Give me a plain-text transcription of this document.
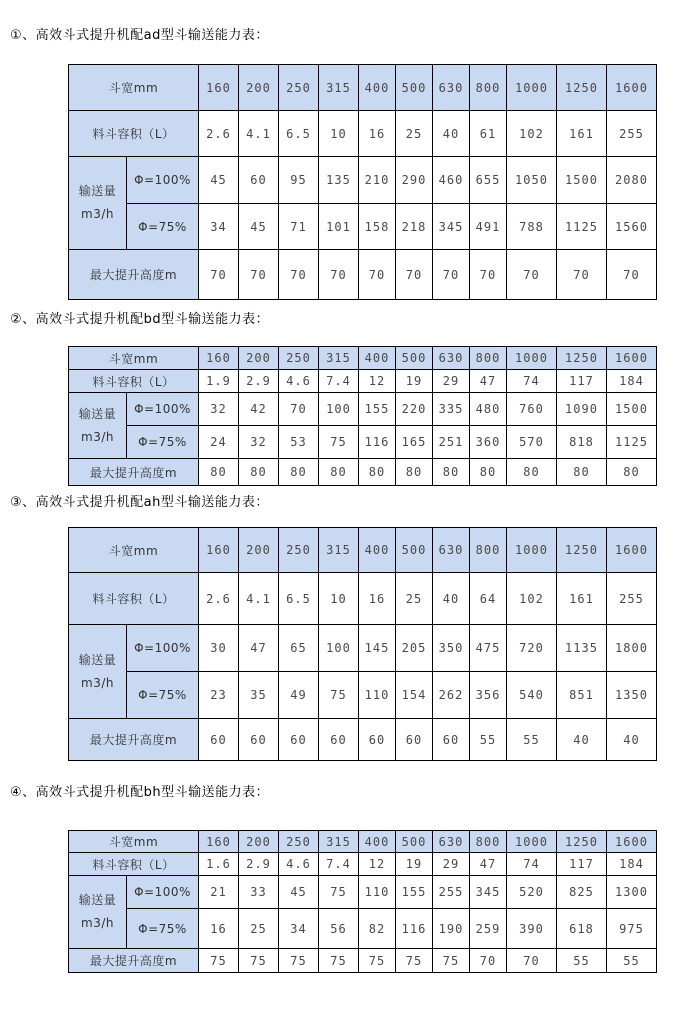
①、高效斗式提升机配ad型斗输送能力表：

斗宽mm		160	200	250	315	400	500	630	800	1000	1250	1600
料斗容积（L）		2.6	4.1	6.5	10	16	25	40	61	102	161	255

输送量
m3/h	Φ=100%	45	60	95	135	210	290	460	655	1050	1500	2080
	Φ=75%	34	45	71	101	158	218	345	491	788	1125	1560
最大提升高度m		70	70	70	70	70	70	70	70	70	70	70

②、高效斗式提升机配bd型斗输送能力表：

斗宽mm		160	200	250	315	400	500	630	800	1000	1250	1600
料斗容积（L）		1.9	2.9	4.6	7.4	12	19	29	47	74	117	184

输送量
m3/h	Φ=100%	32	42	70	100	155	220	335	480	760	1090	1500
	Φ=75%	24	32	53	75	116	165	251	360	570	818	1125
最大提升高度m		80	80	80	80	80	80	80	80	80	80	80

③、高效斗式提升机配ah型斗输送能力表：

斗宽mm		160	200	250	315	400	500	630	800	1000	1250	1600
料斗容积（L）		2.6	4.1	6.5	10	16	25	40	64	102	161	255

输送量
m3/h	Φ=100%	30	47	65	100	145	205	350	475	720	1135	1800
	Φ=75%	23	35	49	75	110	154	262	356	540	851	1350
最大提升高度m		60	60	60	60	60	60	60	55	55	40	40

④、高效斗式提升机配bh型斗输送能力表：

斗宽mm		160	200	250	315	400	500	630	800	1000	1250	1600
料斗容积（L）		1.6	2.9	4.6	7.4	12	19	29	47	74	117	184

输送量
m3/h	Φ=100%	21	33	45	75	110	155	255	345	520	825	1300
	Φ=75%	16	25	34	56	82	116	190	259	390	618	975
最大提升高度m		75	75	75	75	75	75	75	70	70	55	55
